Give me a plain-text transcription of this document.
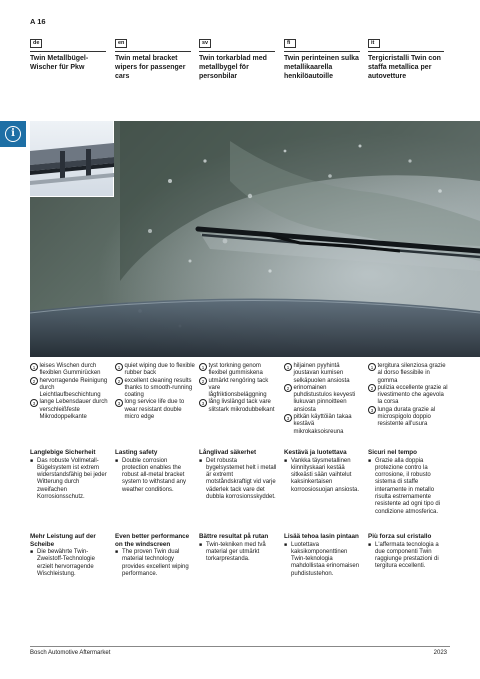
A 16
de
Twin Metallbügel-Wischer für Pkw
en
Twin metal bracket wipers for passenger cars
sv
Twin torkarblad med metallbygel för personbilar
fi
Twin perinteinen sulka metallikaarella henkilöautoille
it
Tergicristalli Twin con staffa metallica per autovetture
i
1 leises Wischen durch flexiblen Gummirücken
2 hervorragende Reinigung durch Leichtlaufbeschichtung
3 lange Lebensdauer durch verschleißfeste Mikrodoppelkante
1 quiet wiping due to flexible rubber back
2 excellent cleaning results thanks to smooth-running coating
3 long service life due to wear resistant double micro edge
1 tyst torkning genom flexibel gummiskena
2 utmärkt rengöring tack vare lågfriktionsbeläggning
3 lång livslängd tack vare slitstark mikrodubbelkant
1 hiljainen pyyhintä joustavan kumisen selkäpuolen ansiosta
2 erinomainen puhdistustulos kevyesti liukuvan pinnoitteen ansiosta
3 pitkän käyttöiän takaa kestävä mikrokaksoisreuna
1 tergitura silenziosa grazie al dorso flessibile in gomma
2 pulizia eccellente grazie al rivestimento che agevola la corsa
3 lunga durata grazie al microspigolo doppio resistente all'usura
Langlebige Sicherheit
■ Das robuste Vollmetall-Bügelsystem ist extrem widerstandsfähig bei jeder Witterung durch zweifachen Korrosionsschutz.
Lasting safety
■ Double corrosion protection enables the robust all-metal bracket system to withstand any weather conditions.
Långlivad säkerhet
■ Det robusta bygelsystemet helt i metall är extremt motståndskraftigt vid varje väderlek tack vare det dubbla korrosionsskyddet.
Kestävä ja luotettava
■ Vankka täysmetallinen kiinnityskaari kestää sitkeästi sään vaihtelut kaksinkertaisen korroosiosuojan ansiosta.
Sicuri nel tempo
■ Grazie alla doppia protezione contro la corrosione, il robusto sistema di staffe interamente in metallo risulta estremamente resistente ad ogni tipo di condizione atmosferica.
Mehr Leistung auf der Scheibe
■ Die bewährte Twin-Zweistoff-Technologie erzielt hervorragende Wischleistung.
Even better performance on the windscreen
■ The proven Twin dual material technology provides excellent wiping performance.
Bättre resultat på rutan
■ Twin-tekniken med två material ger utmärkt torkarprestanda.
Lisää tehoa lasin pintaan
■ Luotettava kaksikomponenttinen Twin-teknologia mahdollistaa erinomaisen puhdistustehon.
Più forza sul cristallo
■ L'affermata tecnologia a due componenti Twin raggiunge prestazioni di tergitura eccellenti.
Bosch Automotive Aftermarket	2023
